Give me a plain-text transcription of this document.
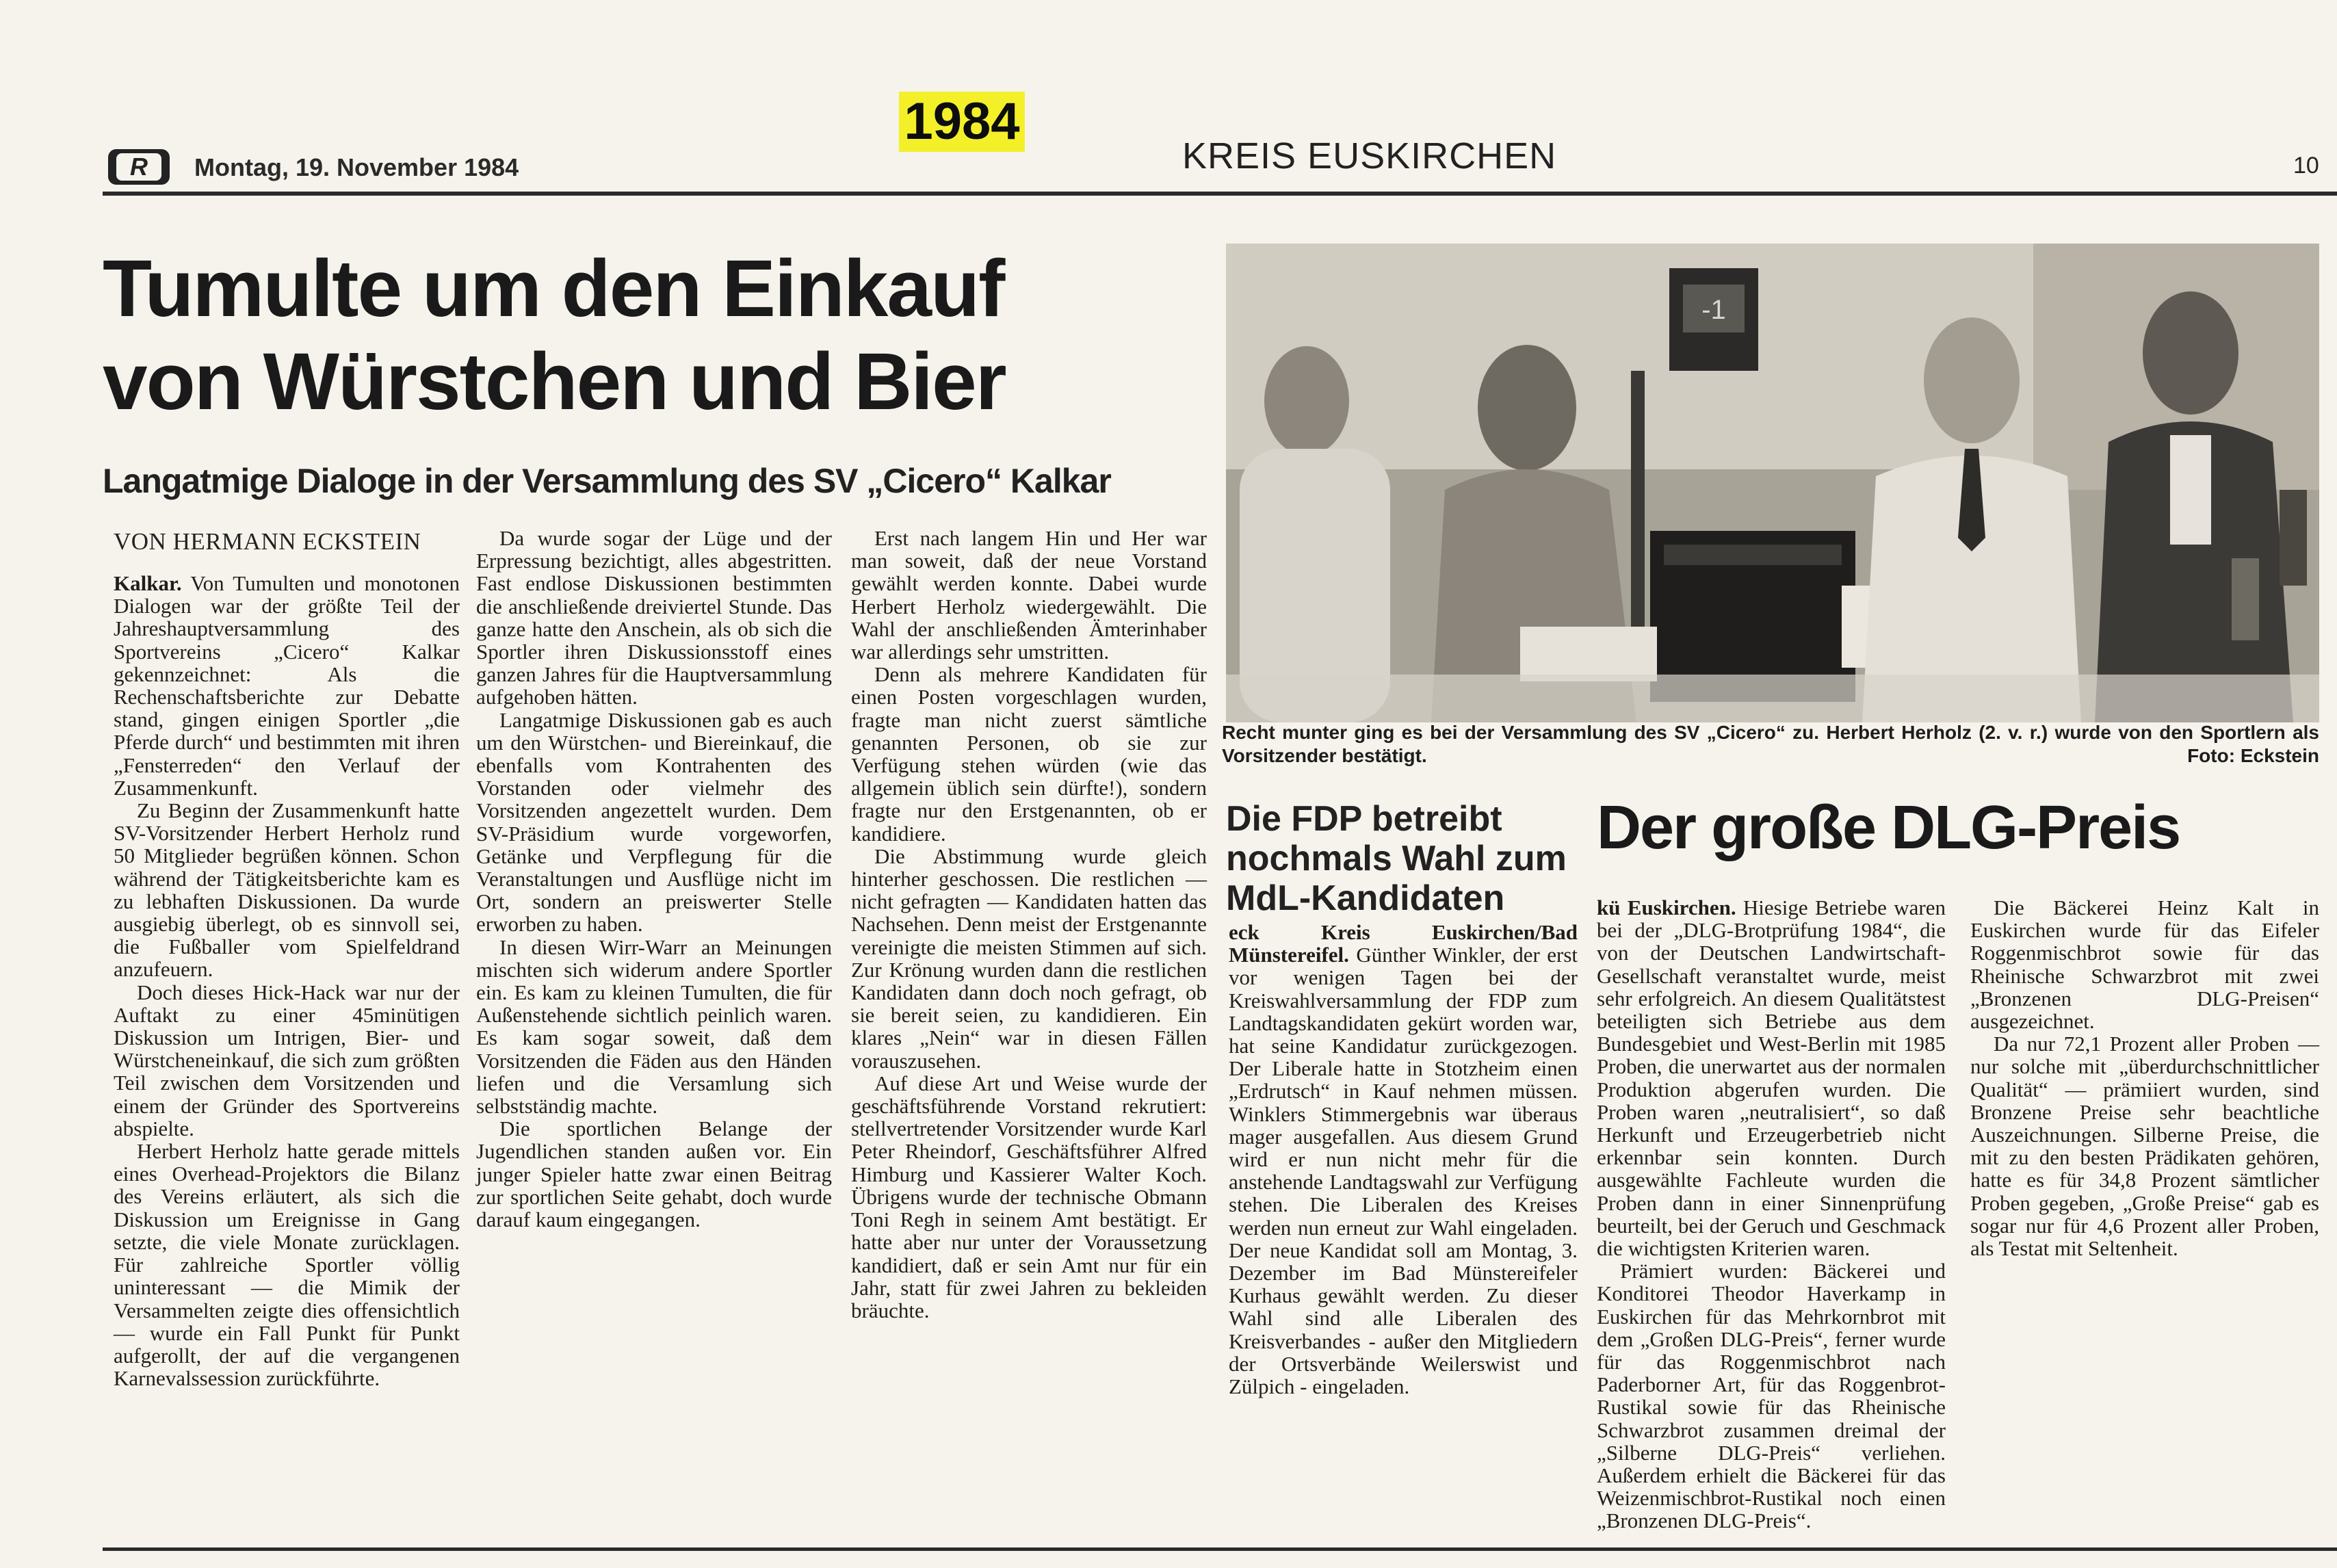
1984
R	Montag, 19. November 1984	KREIS EUSKIRCHEN	10
Tumulte um den Einkauf
von Würstchen und Bier
Langatmige Dialoge in der Versammlung des SV „Cicero“ Kalkar
VON HERMANN ECKSTEIN

Kalkar. Von Tumulten und monotonen Dialogen war der größte Teil der Jahreshauptversammlung des Sportvereins „Cicero“ Kalkar gekennzeichnet: Als die Rechenschaftsberichte zur Debatte stand, gingen einigen Sportler „die Pferde durch“ und bestimmten mit ihren „Fensterreden“ den Verlauf der Zusammenkunft.

Zu Beginn der Zusammenkunft hatte SV-Vorsitzender Herbert Herholz rund 50 Mitglieder begrüßen können. Schon während der Tätigkeitsberichte kam es zu lebhaften Diskussionen. Da wurde ausgiebig überlegt, ob es sinnvoll sei, die Fußballer vom Spielfeldrand anzufeuern.

Doch dieses Hick-Hack war nur der Auftakt zu einer 45minütigen Diskussion um Intrigen, Bier- und Würstcheneinkauf, die sich zum größten Teil zwischen dem Vorsitzenden und einem der Gründer des Sportvereins abspielte.

Herbert Herholz hatte gerade mittels eines Overhead-Projektors die Bilanz des Vereins erläutert, als sich die Diskussion um Ereignisse in Gang setzte, die viele Monate zurücklagen. Für zahlreiche Sportler völlig uninteressant — die Mimik der Versammelten zeigte dies offensichtlich — wurde ein Fall Punkt für Punkt aufgerollt, der auf die vergangenen Karnevalssession zurückführte.

Da wurde sogar der Lüge und der Erpressung bezichtigt, alles abgestritten. Fast endlose Diskussionen bestimmten die anschließende dreiviertel Stunde. Das ganze hatte den Anschein, als ob sich die Sportler ihren Diskussionsstoff eines ganzen Jahres für die Hauptversammlung aufgehoben hätten.

Langatmige Diskussionen gab es auch um den Würstchen- und Biereinkauf, die ebenfalls vom Kontrahenten des Vorstanden oder vielmehr des Vorsitzenden angezettelt wurden. Dem SV-Präsidium wurde vorgeworfen, Getänke und Verpflegung für die Veranstaltungen und Ausflüge nicht im Ort, sondern an preiswerter Stelle erworben zu haben.

In diesen Wirr-Warr an Meinungen mischten sich widerum andere Sportler ein. Es kam zu kleinen Tumulten, die für Außenstehende sichtlich peinlich waren. Es kam sogar soweit, daß dem Vorsitzenden die Fäden aus den Händen liefen und die Versamlung sich selbstständig machte.

Die sportlichen Belange der Jugendlichen standen außen vor. Ein junger Spieler hatte zwar einen Beitrag zur sportlichen Seite gehabt, doch wurde darauf kaum eingegangen.

Erst nach langem Hin und Her war man soweit, daß der neue Vorstand gewählt werden konnte. Dabei wurde Herbert Herholz wiedergewählt. Die Wahl der anschließenden Ämterinhaber war allerdings sehr umstritten.

Denn als mehrere Kandidaten für einen Posten vorgeschlagen wurden, fragte man nicht zuerst sämtliche genannten Personen, ob sie zur Verfügung stehen würden (wie das allgemein üblich sein dürfte!), sondern fragte nur den Erstgenannten, ob er kandidiere.

Die Abstimmung wurde gleich hinterher geschossen. Die restlichen — nicht gefragten — Kandidaten hatten das Nachsehen. Denn meist der Erstgenannte vereinigte die meisten Stimmen auf sich. Zur Krönung wurden dann die restlichen Kandidaten dann doch noch gefragt, ob sie bereit seien, zu kandidieren. Ein klares „Nein“ war in diesen Fällen vorauszusehen.

Auf diese Art und Weise wurde der geschäftsführende Vorstand rekrutiert: stellvertretender Vorsitzender wurde Karl Peter Rheindorf, Geschäftsführer Alfred Himburg und Kassierer Walter Koch. Übrigens wurde der technische Obmann Toni Regh in seinem Amt bestätigt. Er hatte aber nur unter der Voraussetzung kandidiert, daß er sein Amt nur für ein Jahr, statt für zwei Jahren zu bekleiden bräuchte.

-1
Recht munter ging es bei der Versammlung des SV „Cicero“ zu. Herbert Herholz (2. v. r.) wurde von den Sportlern als Vorsitzender bestätigt.	Foto: Eckstein
Die FDP betreibt nochmals Wahl zum MdL-Kandidaten

eck Kreis Euskirchen/Bad Münstereifel. Günther Winkler, der erst vor wenigen Tagen bei der Kreiswahlversammlung der FDP zum Landtagskandidaten gekürt worden war, hat seine Kandidatur zurückgezogen. Der Liberale hatte in Stotzheim einen „Erdrutsch“ in Kauf nehmen müssen. Winklers Stimmergebnis war überaus mager ausgefallen. Aus diesem Grund wird er nun nicht mehr für die anstehende Landtagswahl zur Verfügung stehen. Die Liberalen des Kreises werden nun erneut zur Wahl eingeladen. Der neue Kandidat soll am Montag, 3. Dezember im Bad Münstereifeler Kurhaus gewählt werden. Zu dieser Wahl sind alle Liberalen des Kreisverbandes - außer den Mitgliedern der Ortsverbände Weilerswist und Zülpich - eingeladen.

Der große DLG-Preis

kü Euskirchen. Hiesige Betriebe waren bei der „DLG-Brotprüfung 1984“, die von der Deutschen Landwirtschaft-Gesellschaft veranstaltet wurde, meist sehr erfolgreich. An diesem Qualitätstest beteiligten sich Betriebe aus dem Bundesgebiet und West-Berlin mit 1985 Proben, die unerwartet aus der normalen Produktion abgerufen wurden. Die Proben waren „neutralisiert“, so daß Herkunft und Erzeugerbetrieb nicht erkennbar sein konnten. Durch ausgewählte Fachleute wurden die Proben dann in einer Sinnenprüfung beurteilt, bei der Geruch und Geschmack die wichtigsten Kriterien waren.

Prämiert wurden: Bäckerei und Konditorei Theodor Haverkamp in Euskirchen für das Mehrkornbrot mit dem „Großen DLG-Preis“, ferner wurde für das Roggenmischbrot nach Paderborner Art, für das Roggenbrot-Rustikal sowie für das Rheinische Schwarzbrot zusammen dreimal der „Silberne DLG-Preis“ verliehen. Außerdem erhielt die Bäckerei für das Weizenmischbrot-Rustikal noch einen „Bronzenen DLG-Preis“.

Die Bäckerei Heinz Kalt in Euskirchen wurde für das Eifeler Roggenmischbrot sowie für das Rheinische Schwarzbrot mit zwei „Bronzenen DLG-Preisen“ ausgezeichnet.

Da nur 72,1 Prozent aller Proben — nur solche mit „überdurchschnittlicher Qualität“ — prämiiert wurden, sind Bronzene Preise sehr beachtliche Auszeichnungen. Silberne Preise, die mit zu den besten Prädikaten gehören, hatte es für 34,8 Prozent sämtlicher Proben gegeben, „Große Preise“ gab es sogar nur für 4,6 Prozent aller Proben, als Testat mit Seltenheit.
